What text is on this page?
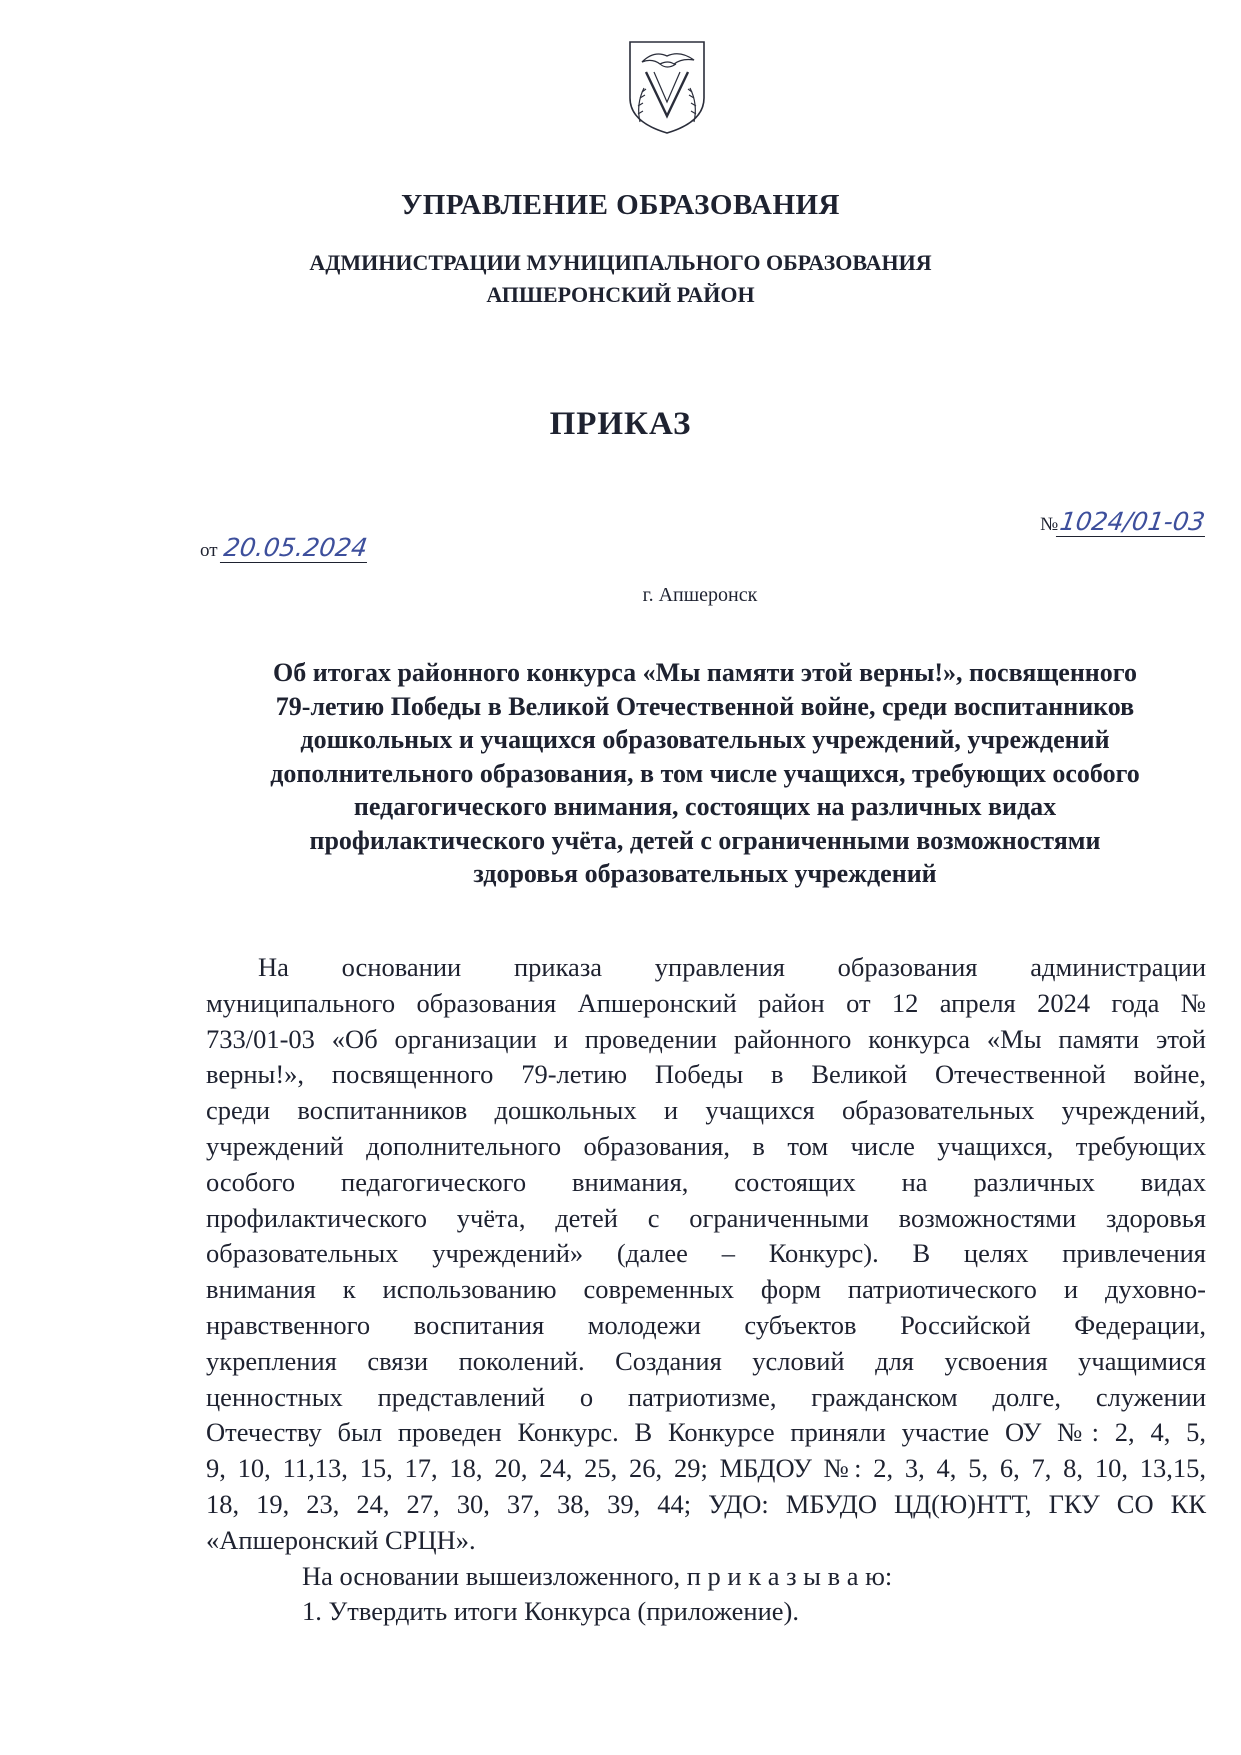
УПРАВЛЕНИЕ ОБРАЗОВАНИЯ
АДМИНИСТРАЦИИ МУНИЦИПАЛЬНОГО ОБРАЗОВАНИЯ
АПШЕРОНСКИЙ РАЙОН
ПРИКАЗ
от 20.05.2024
№1024/01-03
г. Апшеронск
Об итогах районного конкурса «Мы памяти этой верны!», посвященного
79-летию Победы в Великой Отечественной войне, среди воспитанников
дошкольных и учащихся образовательных учреждений, учреждений
дополнительного образования, в том числе учащихся, требующих особого
педагогического внимания, состоящих на различных видах
профилактического учёта, детей с ограниченными возможностями
здоровья образовательных учреждений
На основании приказа управления образования администрации
муниципального образования Апшеронский район от 12 апреля 2024 года №
733/01-03 «Об организации и проведении районного конкурса «Мы памяти этой
верны!», посвященного 79-летию Победы в Великой Отечественной войне,
среди воспитанников дошкольных и учащихся образовательных учреждений,
учреждений дополнительного образования, в том числе учащихся, требующих
особого педагогического внимания, состоящих на различных видах
профилактического учёта, детей с ограниченными возможностями здоровья
образовательных учреждений» (далее – Конкурс). В целях привлечения
внимания к использованию современных форм патриотического и духовно-
нравственного воспитания молодежи субъектов Российской Федерации,
укрепления связи поколений. Создания условий для усвоения учащимися
ценностных представлений о патриотизме, гражданском долге, служении
Отечеству был проведен Конкурс. В Конкурсе приняли участие ОУ №: 2, 4, 5,
9, 10, 11,13, 15, 17, 18, 20, 24, 25, 26, 29; МБДОУ №: 2, 3, 4, 5, 6, 7, 8, 10, 13,15,
18, 19, 23, 24, 27, 30, 37, 38, 39, 44; УДО: МБУДО ЦД(Ю)НТТ, ГКУ СО КК
«Апшеронский СРЦН».
На основании вышеизложенного, п р и к а з ы в а ю:
1. Утвердить итоги Конкурса (приложение).
